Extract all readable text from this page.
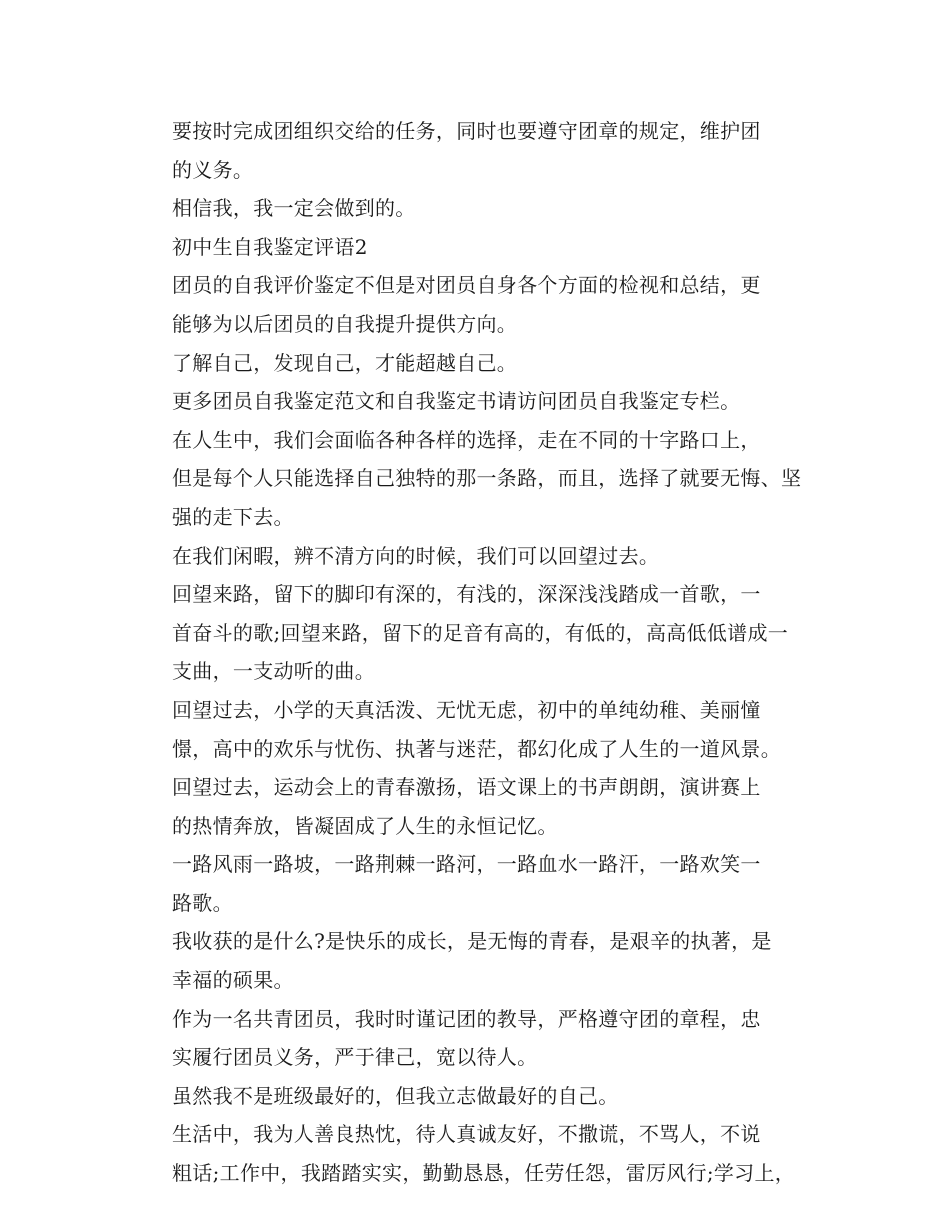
要按时完成团组织交给的任务，同时也要遵守团章的规定，维护团
的义务。

相信我，我一定会做到的。

初中生自我鉴定评语2

团员的自我评价鉴定不但是对团员自身各个方面的检视和总结，更
能够为以后团员的自我提升提供方向。

了解自己，发现自己，才能超越自己。

更多团员自我鉴定范文和自我鉴定书请访问团员自我鉴定专栏。

在人生中，我们会面临各种各样的选择，走在不同的十字路口上，
但是每个人只能选择自己独特的那一条路，而且，选择了就要无悔、坚
强的走下去。

在我们闲暇，辨不清方向的时候，我们可以回望过去。

回望来路，留下的脚印有深的，有浅的，深深浅浅踏成一首歌，一
首奋斗的歌;回望来路，留下的足音有高的，有低的，高高低低谱成一
支曲，一支动听的曲。

回望过去，小学的天真活泼、无忧无虑，初中的单纯幼稚、美丽憧
憬，高中的欢乐与忧伤、执著与迷茫，都幻化成了人生的一道风景。

回望过去，运动会上的青春激扬，语文课上的书声朗朗，演讲赛上
的热情奔放，皆凝固成了人生的永恒记忆。

一路风雨一路坡，一路荆棘一路河，一路血水一路汗，一路欢笑一
路歌。

我收获的是什么?是快乐的成长，是无悔的青春，是艰辛的执著，是
幸福的硕果。

作为一名共青团员，我时时谨记团的教导，严格遵守团的章程，忠
实履行团员义务，严于律己，宽以待人。

虽然我不是班级最好的，但我立志做最好的自己。

生活中，我为人善良热忱，待人真诚友好，不撒谎，不骂人，不说
粗话;工作中，我踏踏实实，勤勤恳恳，任劳任怨，雷厉风行;学习上，
